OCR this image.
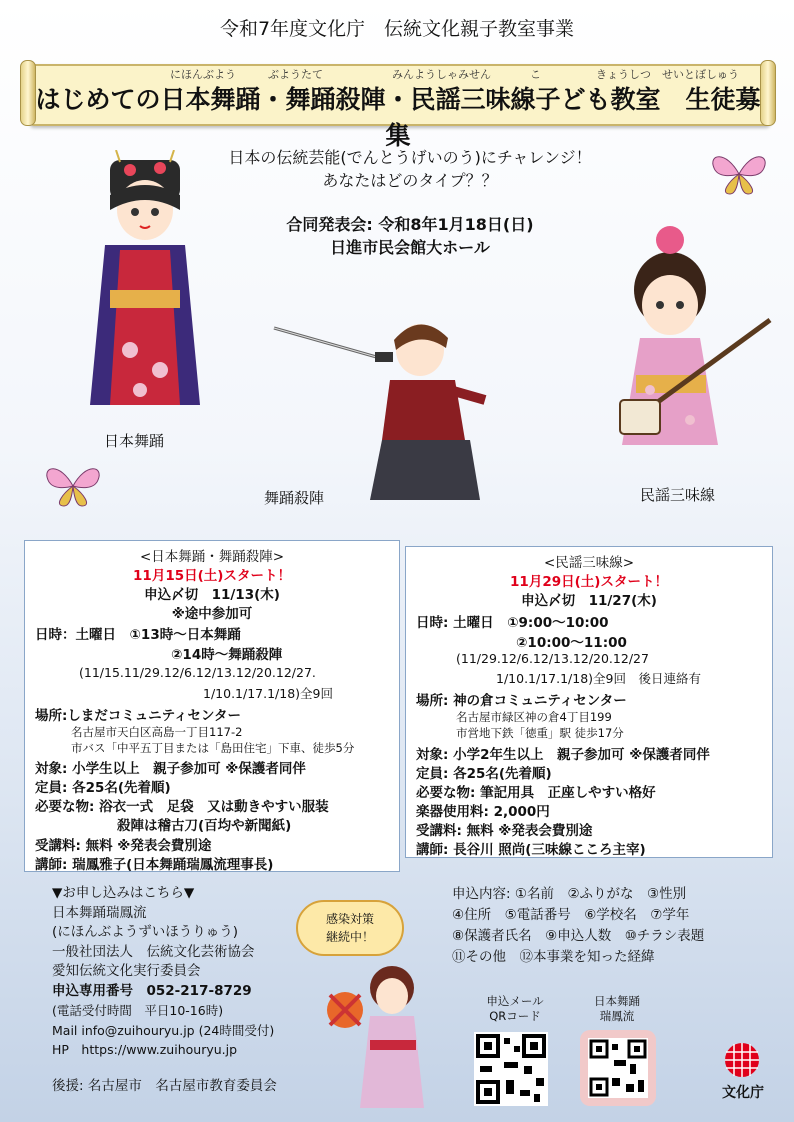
令和7年度文化庁　伝統文化親子教室事業
にほんぶよう	ぶようたて	みんようしゃみせん	こ	きょうしつ せいとぼしゅう
はじめての日本舞踊・舞踊殺陣・民謡三味線子ども教室　生徒募集
日本の伝統芸能(でんとうげいのう)にチャレンジ！
あなたはどのタイプ？？
合同発表会: 令和8年1月18日(日)
日進市民会館大ホール
日本舞踊
舞踊殺陣	民謡三味線
<日本舞踊・舞踊殺陣>
11月15日(土)スタート！
申込〆切　11/13(木)
※途中参加可
日時：土曜日　①13時～日本舞踊
②14時～舞踊殺陣
(11/15.11/29.12/6.12/13.12/20.12/27.
1/10.1/17.1/18)全9回
場所:しまだコミュニティセンター
名古屋市天白区高島一丁目117-2
市バス「中平五丁目または「島田住宅」下車、徒歩5分
対象: 小学生以上　親子参加可 ※保護者同伴
定員: 各25名(先着順)
必要な物: 浴衣一式　足袋　又は動きやすい服装
殺陣は稽古刀(百均や新聞紙)
受講料: 無料 ※発表会費別途
講師: 瑞鳳雅子(日本舞踊瑞鳳流理事長)
<民謡三味線>
11月29日(土)スタート！
申込〆切　11/27(木)
日時: 土曜日　①9:00～10:00
②10:00～11:00
(11/29.12/6.12/13.12/20.12/27
1/10.1/17.1/18)全9回　後日連絡有
場所: 神の倉コミュニティセンター
名古屋市緑区神の倉4丁目199
市営地下鉄「徳重」駅 徒歩17分
対象: 小学2年生以上　親子参加可 ※保護者同伴
定員: 各25名(先着順)
必要な物: 筆記用具　正座しやすい格好
楽器使用料: 2,000円
受講料: 無料 ※発表会費別途
講師: 長谷川 照尚(三味線こころ主宰)
▼お申し込みはこちら▼
日本舞踊瑞鳳流
(にほんぶようずいほうりゅう)
一般社団法人　伝統文化芸術協会
愛知伝統文化実行委員会
申込専用番号　052-217-8729
(電話受付時間　平日10-16時)
Mail info@zuihouryu.jp (24時間受付)
HP　https://www.zuihouryu.jp
後援: 名古屋市　名古屋市教育委員会
感染対策
継続中！
申込内容: ①名前　②ふりがな　③性別
④住所　⑤電話番号　⑥学校名　⑦学年
⑧保護者氏名　⑨申込人数　⑩チラシ表題
⑪その他　⑫本事業を知った経緯
申込メール
QRコード
日本舞踊
瑞鳳流
文化庁
